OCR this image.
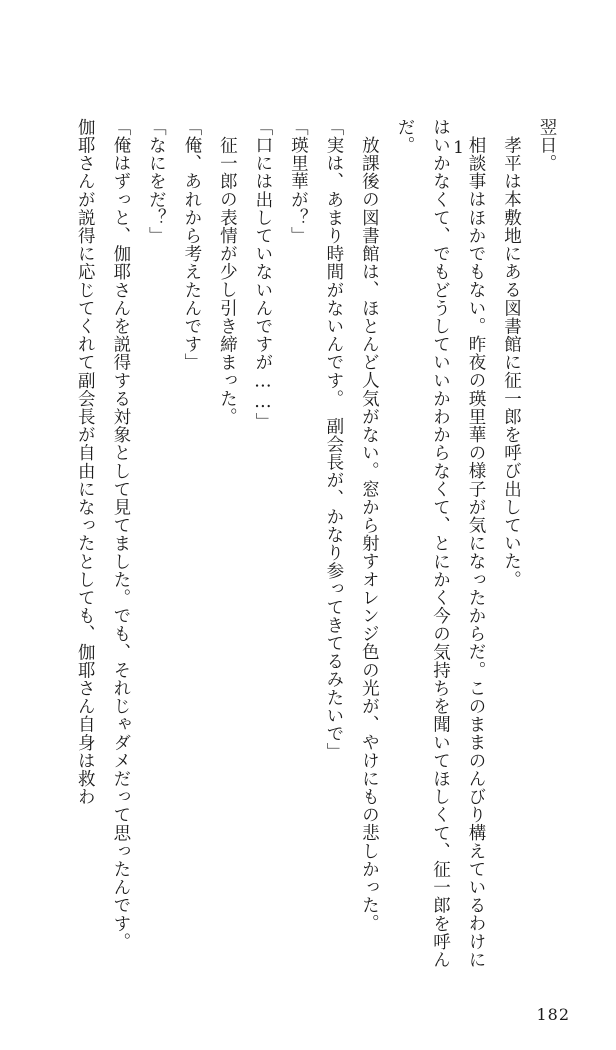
1	翌日。

孝平は本敷地にある図書館に征一郎を呼び出していた。

相談事はほかでもない。昨夜の瑛里華の様子が気になったからだ。このままのんびり構えているわけにはいかなくて、でもどうしていいかわからなくて、とにかく今の気持ちを聞いてほしくて、征一郎を呼んだ。

放課後の図書館は、ほとんど人気がない。窓から射すオレンジ色の光が、やけにもの悲しかった。

「実は、あまり時間がないんです。　副会長が、かなり参ってきてるみたいで」

「瑛里華が？」

「口には出していないんですが……」

征一郎の表情が少し引き締まった。

「俺、あれから考えたんです」

「なにをだ？」

「俺はずっと、伽耶さんを説得する対象として見てました。でも、それじゃダメだって思ったんです。　伽耶さんが説得に応じてくれて副会長が自由になったとしても、伽耶さん自身は救わ

182
